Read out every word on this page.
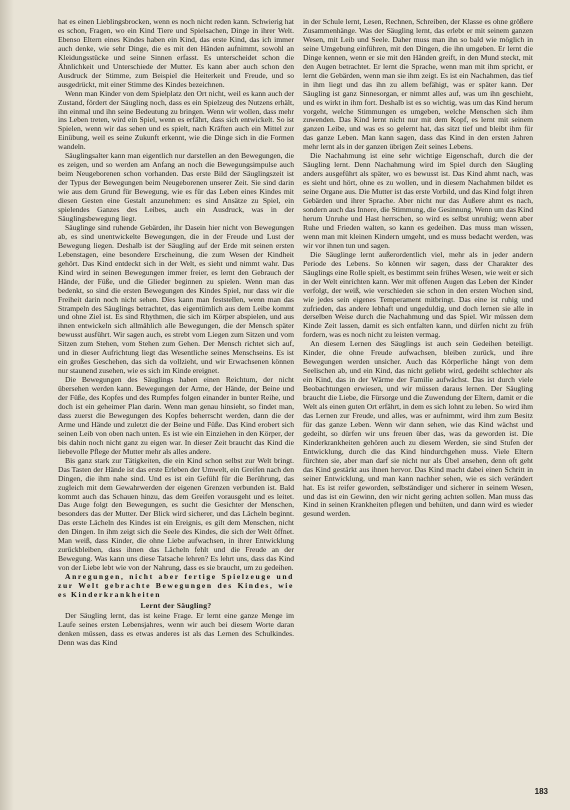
hat es einen Lieblingsbrocken, wenn es noch nicht reden kann. Schwierig hat es schon, Fragen, wo ein Kind Tiere und Spielsachen, Dinge in ihrer Welt. Ebenso Eltern eines Kindes haben ein Kind, das erste Kind, das ich immer auch denke, wie sehr Dinge, die es mit den Händen aufnimmt, sowohl an Kleidungsstücke und seine Sinnen erfasst. Es unterscheidet schon die Ähnlichkeit und Unterschiede der Mutter. Es kann aber auch schon den Ausdruck der Stimme, zum Beispiel die Heiterkeit und Freude, und so ausgedrückt, mit einer Stimme des Kindes bezeichnen.

Wenn man Kinder von dem Spielplatz den Ort nicht, weil es kann auch der Zustand, fördert der Säugling noch, dass es ein Spielzeug des Nutzens erhält, ihn einmal und ihn seine Bedeutung zu bringen. Wenn wir wollen, dass mehr ins Leben treten, wird ein Spiel, wenn es erfährt, dass sich entwickelt. So ist Spielen, wenn wir das sehen und es spielt, nach Kräften auch ein Mittel zur Einübung, weil es seine Zukunft erkennt, wie die Dinge sich in die Formen wandeln.

Säuglingsalter kann man eigentlich nur darstellen an den Bewegungen, die es zeigen, und so werden am Anfang an noch die Bewegungsimpulse auch beim Neugeborenen schon vorhanden. Das erste Bild der Säuglingszeit ist der Typus der Bewegungen beim Neugeborenen unserer Zeit. Sie sind darin wie aus dem Grund für Bewegung, wie es für das Leben eines Kindes mit diesen Gesten eine Gestalt anzunehmen: es sind Ansätze zu Spiel, ein spielendes Ganzes des Leibes, auch ein Ausdruck, was in der Säuglingsbewegung liegt.

Säuglinge sind ruhende Gebärden, ihr Dasein hier nicht von Bewegungen ab, es sind unentwickelte Bewegungen, die in der Freude und Lust der Bewegung liegen. Deshalb ist der Säugling auf der Erde mit seinen ersten Lebenstagen, eine besondere Erscheinung, die zum Wesen der Kindheit gehört. Das Kind entdeckt sich in der Welt, es sieht und nimmt wahr. Das Kind wird in seinen Bewegungen immer freier, es lernt den Gebrauch der Hände, der Füße, und die Glieder beginnen zu spielen. Wenn man das bedenkt, so sind die ersten Bewegungen des Kindes Spiel, nur dass wir die Freiheit darin noch nicht sehen. Dies kann man feststellen, wenn man das Strampeln des Säuglings betrachtet, das eigentümlich aus dem Leibe kommt und ohne Ziel ist. Es sind Rhythmen, die sich im Körper abspielen, und aus ihnen entwickeln sich allmählich alle Bewegungen, die der Mensch später bewusst ausführt. Wir sagen auch, es strebt vom Liegen zum Sitzen und vom Sitzen zum Stehen, vom Stehen zum Gehen. Der Mensch richtet sich auf, und in dieser Aufrichtung liegt das Wesentliche seines Menschseins. Es ist ein großes Geschehen, das sich da vollzieht, und wir Erwachsenen können nur staunend zusehen, wie es sich im Kinde ereignet.

Die Bewegungen des Säuglings haben einen Reichtum, der nicht übersehen werden kann. Bewegungen der Arme, der Hände, der Beine und der Füße, des Kopfes und des Rumpfes folgen einander in bunter Reihe, und doch ist ein geheimer Plan darin. Wenn man genau hinsieht, so findet man, dass zuerst die Bewegungen des Kopfes beherrscht werden, dann die der Arme und Hände und zuletzt die der Beine und Füße. Das Kind erobert sich seinen Leib von oben nach unten. Es ist wie ein Einziehen in den Körper, der bis dahin noch nicht ganz zu eigen war. In dieser Zeit braucht das Kind die liebevolle Pflege der Mutter mehr als alles andere.

Bis ganz stark zur Tätigkeiten, die ein Kind schon selbst zur Welt bringt. Das Tasten der Hände ist das erste Erleben der Umwelt, ein Greifen nach den Dingen, die ihm nahe sind. Und es ist ein Gefühl für die Berührung, das zugleich mit dem Gewahrwerden der eigenen Grenzen verbunden ist. Bald kommt auch das Schauen hinzu, das dem Greifen vorausgeht und es leitet. Das Auge folgt den Bewegungen, es sucht die Gesichter der Menschen, besonders das der Mutter. Der Blick wird sicherer, und das Lächeln beginnt. Das erste Lächeln des Kindes ist ein Ereignis, es gilt dem Menschen, nicht den Dingen. In ihm zeigt sich die Seele des Kindes, die sich der Welt öffnet. Man weiß, dass Kinder, die ohne Liebe aufwachsen, in ihrer Entwicklung zurückbleiben, dass ihnen das Lächeln fehlt und die Freude an der Bewegung. Was kann uns diese Tatsache lehren? Es lehrt uns, dass das Kind von der Liebe lebt wie von der Nahrung, dass es sie braucht, um zu gedeihen.

Anregungen, nicht aber fertige Spielzeuge und zur Welt gebrachte Bewegungen des Kindes, wie es Kinderkrankheiten

Lernt der Säugling?

Der Säugling lernt, das ist keine Frage. Er lernt eine ganze Menge im Laufe seines ersten Lebensjahres, wenn wir auch bei diesem Worte daran denken müssen, dass es etwas anderes ist als das Lernen des Schulkindes. Denn was das Kind

in der Schule lernt, Lesen, Rechnen, Schreiben, der Klasse es ohne größere Zusammenhänge. Was der Säugling lernt, das erlebt er mit seinem ganzen Wesen, mit Leib und Seele. Daher muss man ihn so bald wie möglich in seine Umgebung einführen, mit den Dingen, die ihn umgeben. Er lernt die Dinge kennen, wenn er sie mit den Händen greift, in den Mund steckt, mit den Augen betrachtet. Er lernt die Sprache, wenn man mit ihm spricht, er lernt die Gebärden, wenn man sie ihm zeigt. Es ist ein Nachahmen, das tief in ihm liegt und das ihn zu allem befähigt, was er später kann. Der Säugling ist ganz Sinnesorgan, er nimmt alles auf, was um ihn geschieht, und es wirkt in ihm fort. Deshalb ist es so wichtig, was um das Kind herum vorgeht, welche Stimmungen es umgeben, welche Menschen sich ihm zuwenden. Das Kind lernt nicht nur mit dem Kopf, es lernt mit seinem ganzen Leibe, und was es so gelernt hat, das sitzt tief und bleibt ihm für das ganze Leben. Man kann sagen, dass das Kind in den ersten Jahren mehr lernt als in der ganzen übrigen Zeit seines Lebens.

Die Nachahmung ist eine sehr wichtige Eigenschaft, durch die der Säugling lernt. Denn Nachahmung wird im Spiel durch den Säugling anders ausgeführt als später, wo es bewusst ist. Das Kind ahmt nach, was es sieht und hört, ohne es zu wollen, und in diesem Nachahmen bildet es seine Organe aus. Die Mutter ist das erste Vorbild, und das Kind folgt ihren Gebärden und ihrer Sprache. Aber nicht nur das Äußere ahmt es nach, sondern auch das Innere, die Stimmung, die Gesinnung. Wenn um das Kind herum Unruhe und Hast herrschen, so wird es selbst unruhig; wenn aber Ruhe und Frieden walten, so kann es gedeihen. Das muss man wissen, wenn man mit kleinen Kindern umgeht, und es muss bedacht werden, was wir vor ihnen tun und sagen.

Die Säuglinge lernt außerordentlich viel, mehr als in jeder andern Periode des Lebens. So können wir sagen, dass der Charakter des Säuglings eine Rolle spielt, es bestimmt sein frühes Wesen, wie weit er sich in der Welt einrichten kann. Wer mit offenen Augen das Leben der Kinder verfolgt, der weiß, wie verschieden sie schon in den ersten Wochen sind, wie jedes sein eigenes Temperament mitbringt. Das eine ist ruhig und zufrieden, das andere lebhaft und ungeduldig, und doch lernen sie alle in derselben Weise durch die Nachahmung und das Spiel. Wir müssen dem Kinde Zeit lassen, damit es sich entfalten kann, und dürfen nicht zu früh fordern, was es noch nicht zu leisten vermag.

An diesem Lernen des Säuglings ist auch sein Gedeihen beteiligt. Kinder, die ohne Freude aufwachsen, bleiben zurück, und ihre Bewegungen werden unsicher. Auch das Körperliche hängt von dem Seelischen ab, und ein Kind, das nicht geliebt wird, gedeiht schlechter als ein Kind, das in der Wärme der Familie aufwächst. Das ist durch viele Beobachtungen erwiesen, und wir müssen daraus lernen. Der Säugling braucht die Liebe, die Fürsorge und die Zuwendung der Eltern, damit er die Welt als einen guten Ort erfährt, in dem es sich lohnt zu leben. So wird ihm das Lernen zur Freude, und alles, was er aufnimmt, wird ihm zum Besitz für das ganze Leben. Wenn wir dann sehen, wie das Kind wächst und gedeiht, so dürfen wir uns freuen über das, was da geworden ist. Die Kinderkrankheiten gehören auch zu diesem Werden, sie sind Stufen der Entwicklung, durch die das Kind hindurchgehen muss. Viele Eltern fürchten sie, aber man darf sie nicht nur als Übel ansehen, denn oft geht das Kind gestärkt aus ihnen hervor. Das Kind macht dabei einen Schritt in seiner Entwicklung, und man kann nachher sehen, wie es sich verändert hat. Es ist reifer geworden, selbständiger und sicherer in seinem Wesen, und das ist ein Gewinn, den wir nicht gering achten sollen. Man muss das Kind in seinen Krankheiten pflegen und behüten, und dann wird es wieder gesund werden.

183
